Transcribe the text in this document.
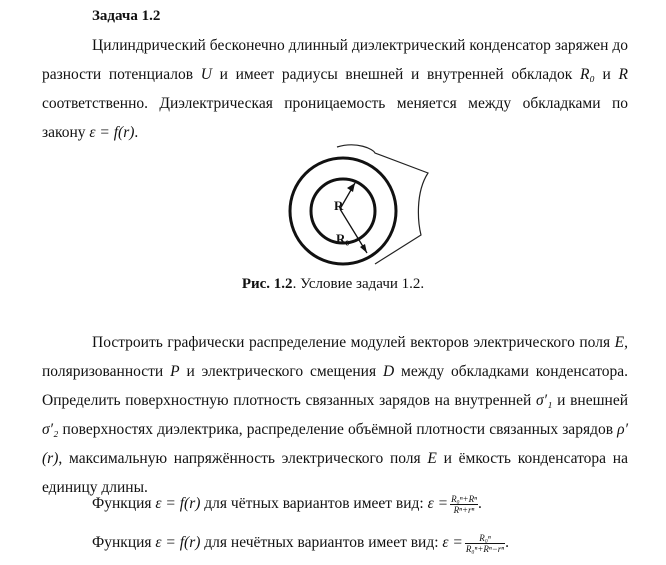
Задача 1.2
Цилиндрический бесконечно длинный диэлектрический конденсатор заряжен до разности потенциалов U и имеет радиусы внешней и внутренней обкладок R₀ и R соответственно. Диэлектрическая проницаемость меняется между обкладками по закону ε = f(r).
R
R₀
Рис. 1.2. Условие задачи 1.2.
Построить графически распределение модулей векторов электрического поля E, поляризованности P и электрического смещения D между обкладками конденсатора. Определить поверхностную плотность связанных зарядов на внутренней σ′₁ и внешней σ′₂ поверхностях диэлектрика, распределение объёмной плотности связанных зарядов ρ′(r), максимальную напряжённость электрического поля E и ёмкость конденсатора на единицу длины.
Функция ε = f(r) для чётных вариантов имеет вид: $\varepsilon = \frac{\text{R₀ⁿ+Rⁿ}}{\text{Rⁿ+rⁿ}}$ .
Функция ε = f(r) для нечётных вариантов имеет вид: $\varepsilon = \frac{\text{R₀ⁿ}}{\text{R₀ⁿ+Rⁿ−rⁿ}}$ .
